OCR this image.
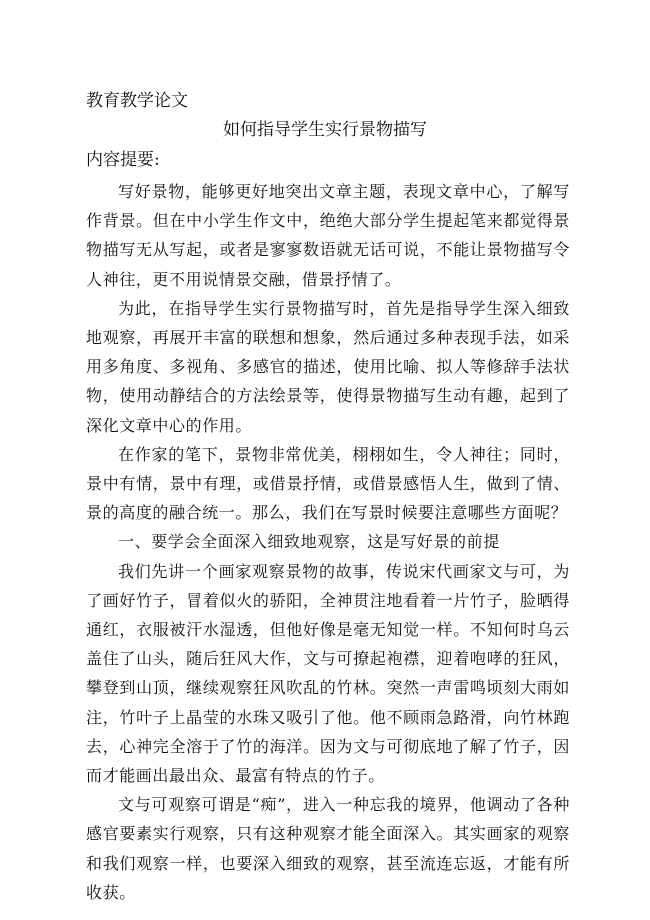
教育教学论文
如何指导学生实行景物描写
内容提要:

写好景物，能够更好地突出文章主题，表现文章中心，了解写作背景。但在中小学生作文中，绝绝大部分学生提起笔来都觉得景物描写无从写起，或者是寥寥数语就无话可说，不能让景物描写令人神往，更不用说情景交融，借景抒情了。

为此，在指导学生实行景物描写时，首先是指导学生深入细致地观察，再展开丰富的联想和想象，然后通过多种表现手法，如采用多角度、多视角、多感官的描述，使用比喻、拟人等修辞手法状物，使用动静结合的方法绘景等，使得景物描写生动有趣，起到了深化文章中心的作用。

在作家的笔下，景物非常优美，栩栩如生，令人神往；同时，景中有情，景中有理，或借景抒情，或借景感悟人生，做到了情、景的高度的融合统一。那么，我们在写景时候要注意哪些方面呢？

一、要学会全面深入细致地观察，这是写好景的前提

我们先讲一个画家观察景物的故事，传说宋代画家文与可，为了画好竹子，冒着似火的骄阳，全神贯注地看着一片竹子，脸晒得通红，衣服被汗水湿透，但他好像是毫无知觉一样。不知何时乌云盖住了山头，随后狂风大作，文与可撩起袍襟，迎着咆哮的狂风，攀登到山顶，继续观察狂风吹乱的竹林。突然一声雷鸣顷刻大雨如注，竹叶子上晶莹的水珠又吸引了他。他不顾雨急路滑，向竹林跑去，心神完全溶于了竹的海洋。因为文与可彻底地了解了竹子，因而才能画出最出众、最富有特点的竹子。

文与可观察可谓是“痴”，进入一种忘我的境界，他调动了各种感官要素实行观察，只有这种观察才能全面深入。其实画家的观察和我们观察一样，也要深入细致的观察，甚至流连忘返，才能有所收获。
